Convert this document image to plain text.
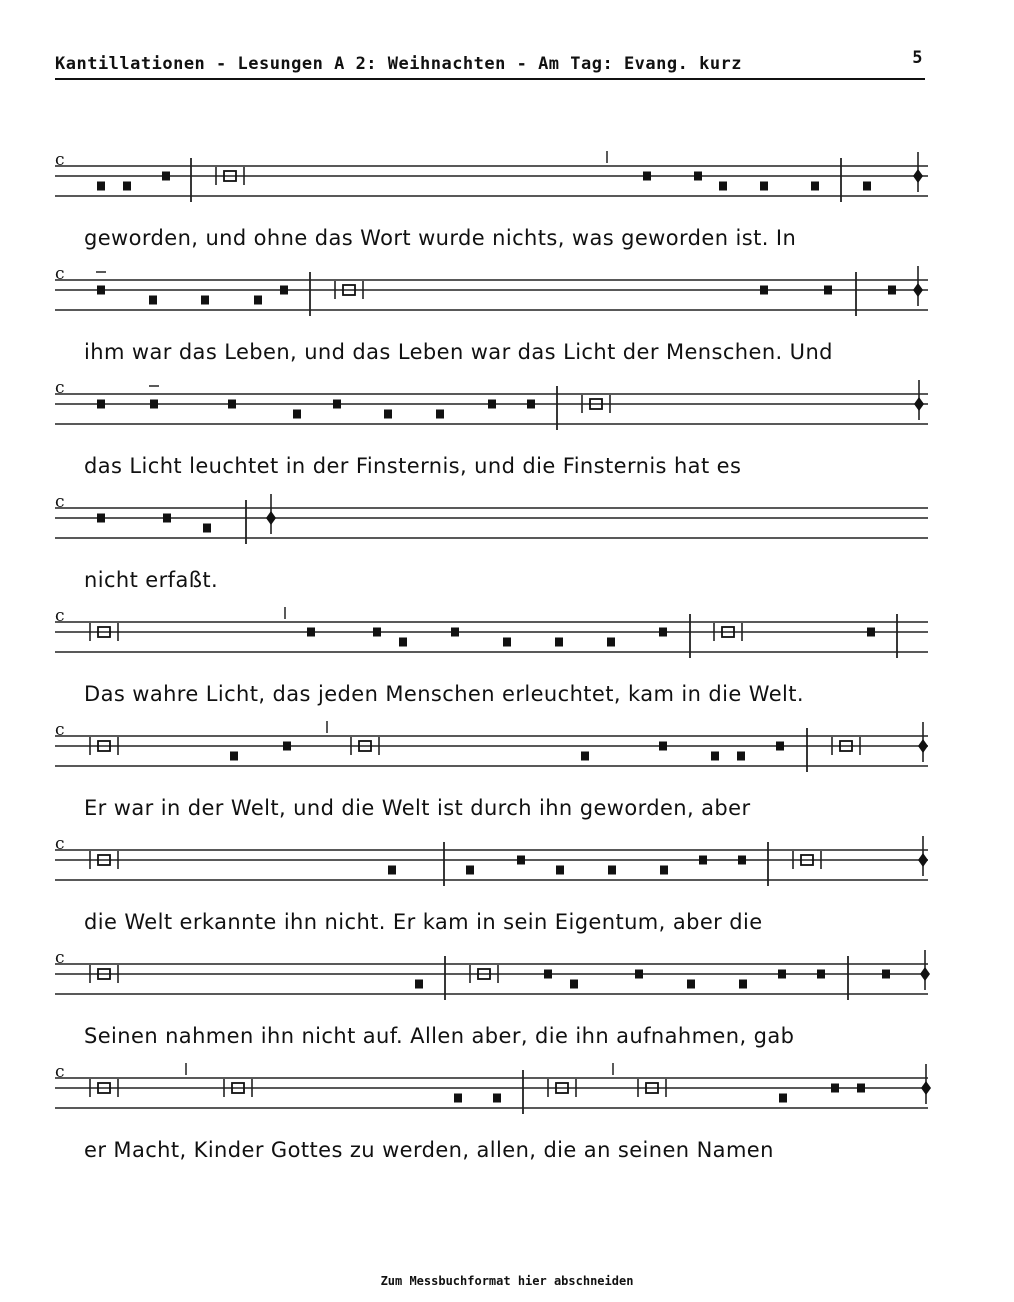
Kantillationen - Lesungen A 2: Weihnachten - Am Tag: Evang. kurz	5
c
geworden, und ohne das Wort wurde nichts, was geworden ist. In
c
ihm war das Leben, und das Leben war das Licht der Menschen. Und
c
das Licht leuchtet in der Finsternis, und die Finsternis hat es
c
nicht erfaßt.
c
Das wahre Licht, das jeden Menschen erleuchtet, kam in die Welt.
c
Er war in der Welt, und die Welt ist durch ihn geworden, aber
c
die Welt erkannte ihn nicht. Er kam in sein Eigentum, aber die
c
Seinen nahmen ihn nicht auf. Allen aber, die ihn aufnahmen, gab
c
er Macht, Kinder Gottes zu werden, allen, die an seinen Namen
Zum Messbuchformat hier abschneiden
